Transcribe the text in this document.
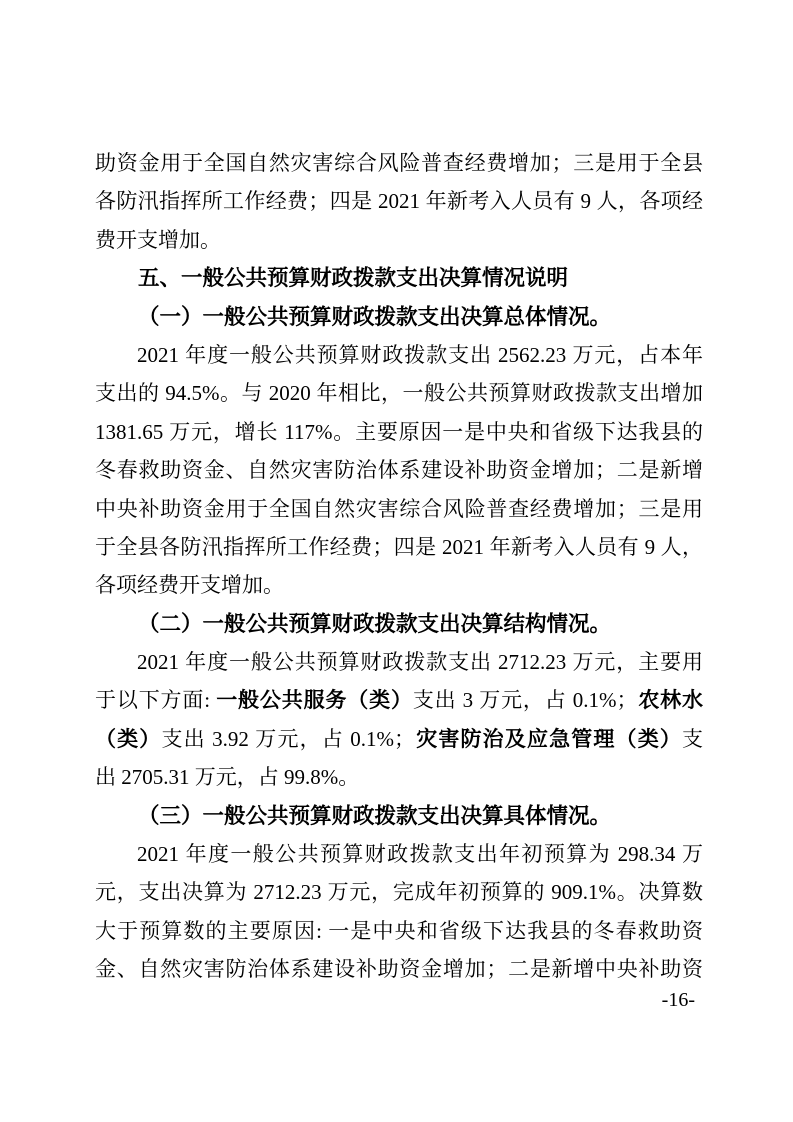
助资金用于全国自然灾害综合风险普查经费增加；三是用于全县
各防汛指挥所工作经费；四是 2021 年新考入人员有 9 人，各项经
费开支增加。
五、一般公共预算财政拨款支出决算情况说明
（一）一般公共预算财政拨款支出决算总体情况。
2021 年度一般公共预算财政拨款支出 2562.23 万元，占本年
支出的 94.5%。与 2020 年相比，一般公共预算财政拨款支出增加
1381.65 万元，增长 117%。主要原因一是中央和省级下达我县的
冬春救助资金、自然灾害防治体系建设补助资金增加；二是新增
中央补助资金用于全国自然灾害综合风险普查经费增加；三是用
于全县各防汛指挥所工作经费；四是 2021 年新考入人员有 9 人，
各项经费开支增加。
（二）一般公共预算财政拨款支出决算结构情况。
2021 年度一般公共预算财政拨款支出 2712.23 万元，主要用
于以下方面: 一般公共服务（类）支出 3 万元，占 0.1%；农林水
（类）支出 3.92 万元，占 0.1%；灾害防治及应急管理（类）支
出 2705.31 万元，占 99.8%。
（三）一般公共预算财政拨款支出决算具体情况。
2021 年度一般公共预算财政拨款支出年初预算为 298.34 万
元，支出决算为 2712.23 万元，完成年初预算的 909.1%。决算数
大于预算数的主要原因: 一是中央和省级下达我县的冬春救助资
金、自然灾害防治体系建设补助资金增加；二是新增中央补助资
-16-
